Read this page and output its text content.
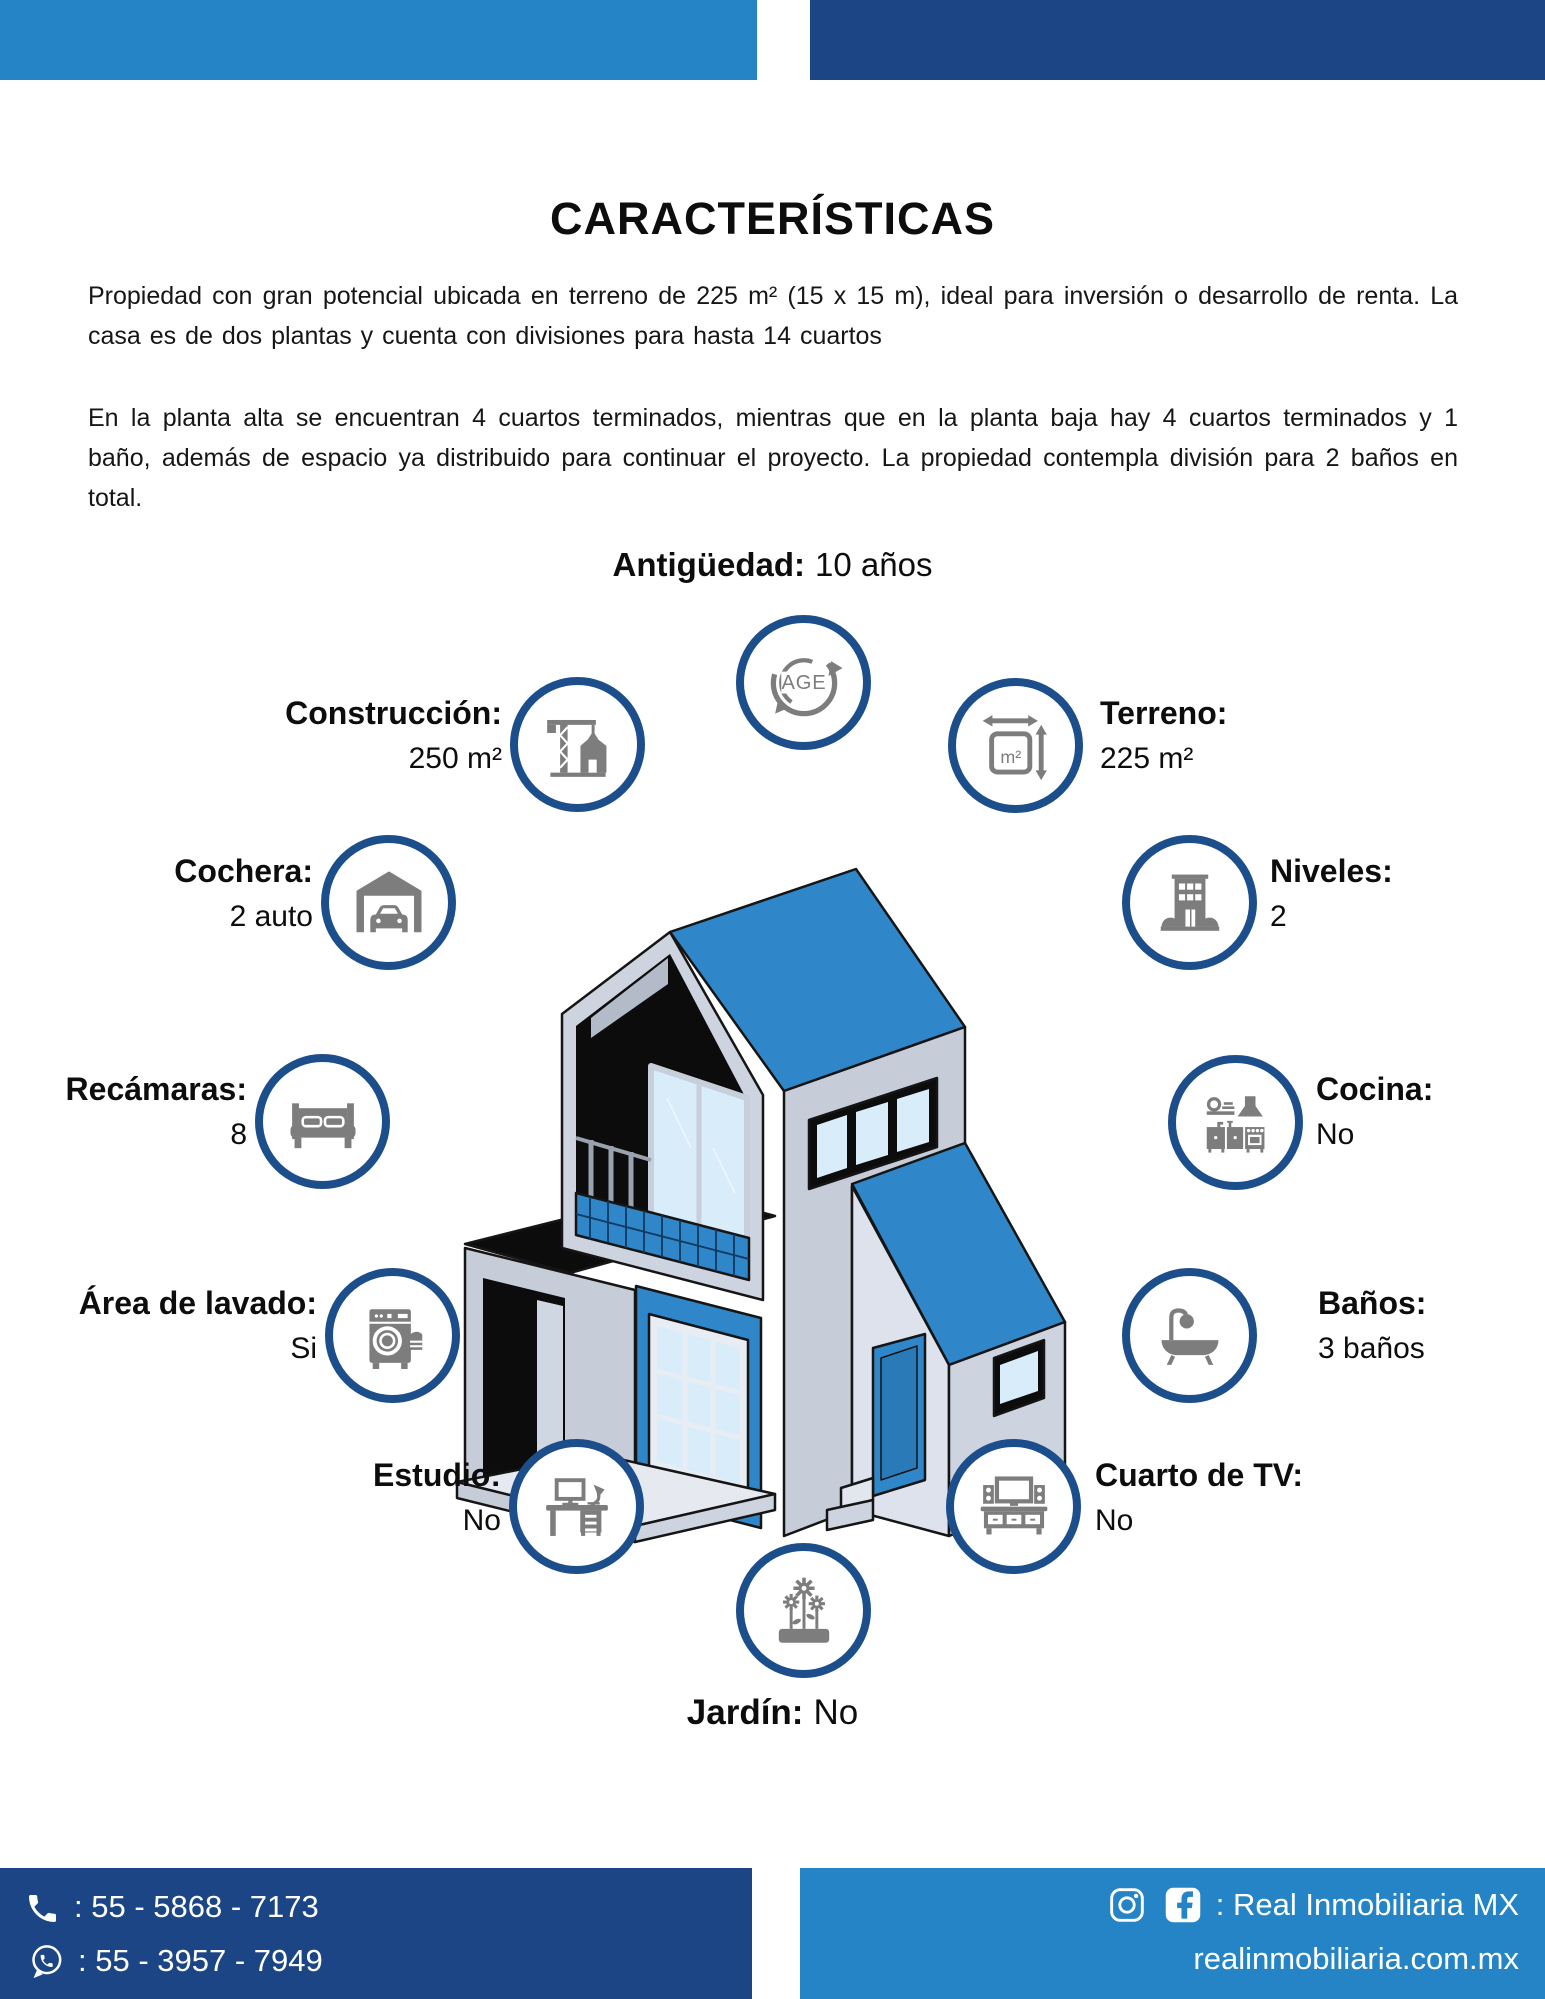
CARACTERÍSTICAS
Propiedad con gran potencial ubicada en terreno de 225 m² (15 x 15 m), ideal para inversión o desarrollo de renta. La casa es de dos plantas y cuenta con divisiones para hasta 14 cuartos
En la planta alta se encuentran 4 cuartos terminados, mientras que en la planta baja hay 4 cuartos terminados y 1 baño, además de espacio ya distribuido para continuar el proyecto. La propiedad contempla división para 2 baños en total.
Antigüedad: 10 años
AGE
Construcción:
250 m²	m²
Terreno:
225 m²
Cochera:
2 auto
Niveles:
2
Recámaras:
8
Cocina:
No
Área de lavado:
Si
Baños:
3 baños
Estudio:
No
Cuarto de TV:
No
Jardín: No
: 55 - 5868 - 7173
: 55 - 3957 - 7949
: Real Inmobiliaria MX
realinmobiliaria.com.mx
